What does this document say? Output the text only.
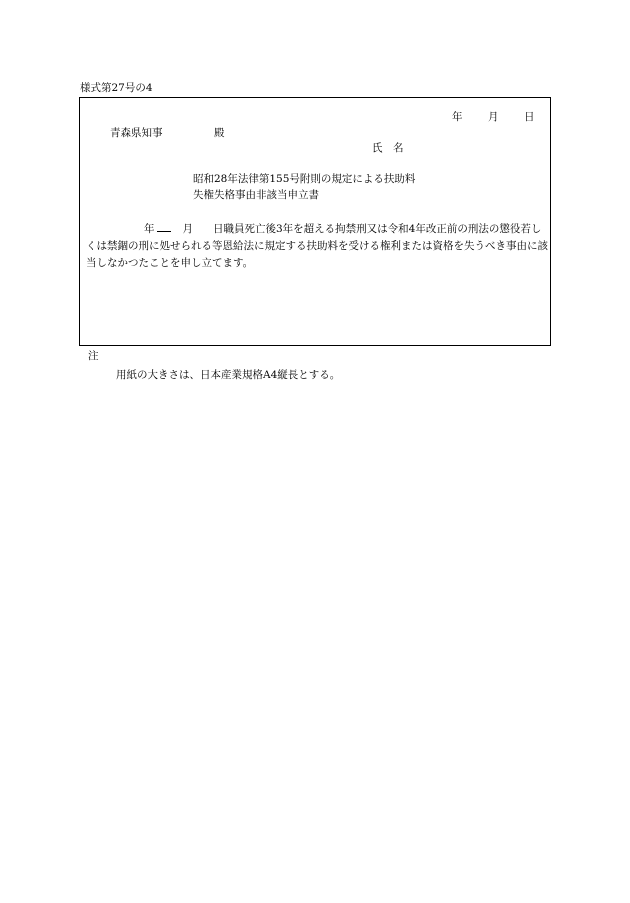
様式第27号の4
年 月 日
青森県知事	殿
氏　名
昭和28年法律第155号附則の規定による扶助料
失権失格事由非該当申立書
年	月 日職員死亡後3年を超える拘禁刑又は令和4年改正前の刑法の懲役若しくは禁錮の刑に処せられる等恩給法に規定する扶助料を受ける権利または資格を失うべき事由に該当しなかつたことを申し立てます。
注
用紙の大きさは、日本産業規格A4縦長とする。
